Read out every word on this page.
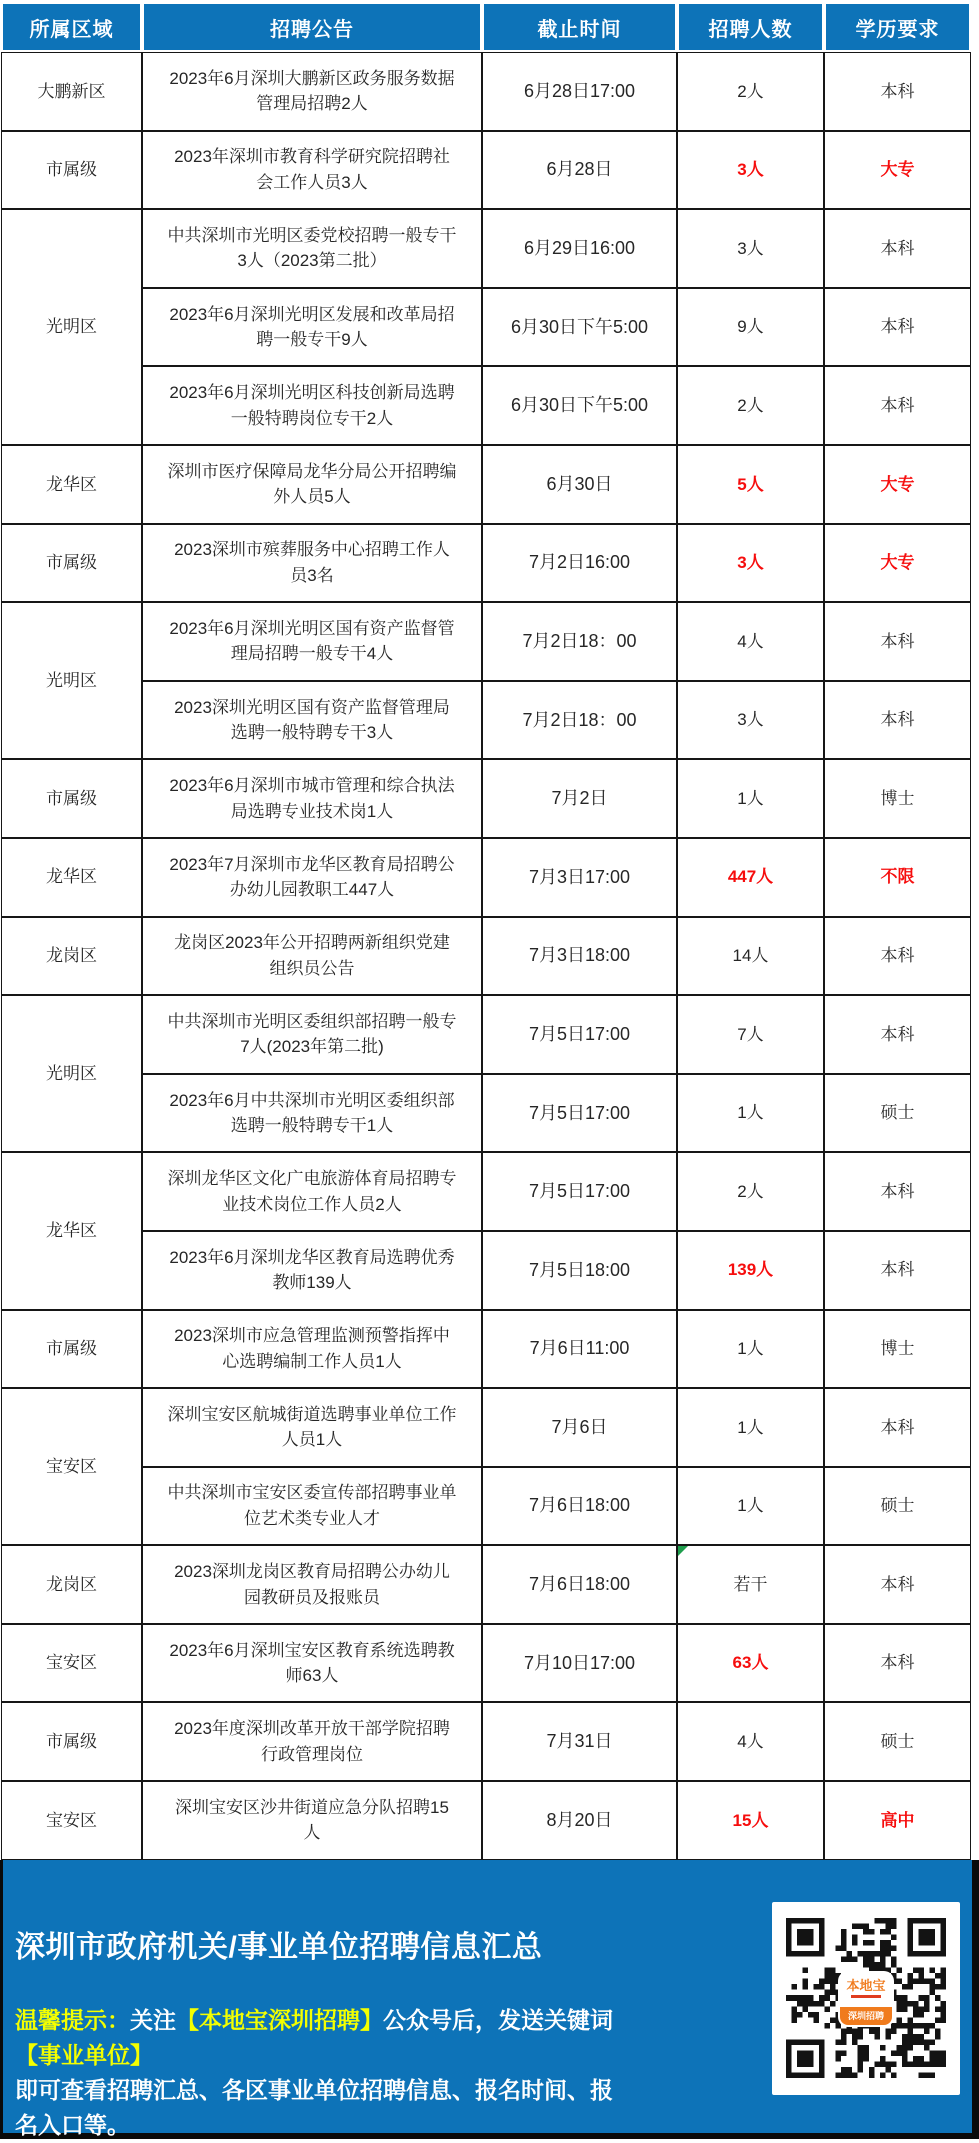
所属区域	招聘公告	截止时间	招聘人数	学历要求
大鹏新区	2023年6月深圳大鹏新区政务服务数据管理局招聘2人	6月28日17:00	2人	本科
市属级	2023年深圳市教育科学研究院招聘社会工作人员3人	6月28日	3人	大专
光明区	中共深圳市光明区委党校招聘一般专干3人（2023第二批）	6月29日16:00	3人	本科
	2023年6月深圳光明区发展和改革局招聘一般专干9人	6月30日下午5:00	9人	本科
	2023年6月深圳光明区科技创新局选聘一般特聘岗位专干2人	6月30日下午5:00	2人	本科
龙华区	深圳市医疗保障局龙华分局公开招聘编外人员5人	6月30日	5人	大专
市属级	2023深圳市殡葬服务中心招聘工作人员3名	7月2日16:00	3人	大专
光明区	2023年6月深圳光明区国有资产监督管理局招聘一般专干4人	7月2日18：00	4人	本科
	2023深圳光明区国有资产监督管理局选聘一般特聘专干3人	7月2日18：00	3人	本科
市属级	2023年6月深圳市城市管理和综合执法局选聘专业技术岗1人	7月2日	1人	博士
龙华区	2023年7月深圳市龙华区教育局招聘公办幼儿园教职工447人	7月3日17:00	447人	不限
龙岗区	龙岗区2023年公开招聘两新组织党建组织员公告	7月3日18:00	14人	本科
光明区	中共深圳市光明区委组织部招聘一般专7人(2023年第二批)	7月5日17:00	7人	本科
	2023年6月中共深圳市光明区委组织部选聘一般特聘专干1人	7月5日17:00	1人	硕士
龙华区	深圳龙华区文化广电旅游体育局招聘专业技术岗位工作人员2人	7月5日17:00	2人	本科
	2023年6月深圳龙华区教育局选聘优秀教师139人	7月5日18:00	139人	本科
市属级	2023深圳市应急管理监测预警指挥中心选聘编制工作人员1人	7月6日11:00	1人	博士
宝安区	深圳宝安区航城街道选聘事业单位工作人员1人	7月6日	1人	本科
	中共深圳市宝安区委宣传部招聘事业单位艺术类专业人才	7月6日18:00	1人	硕士
龙岗区	2023深圳龙岗区教育局招聘公办幼儿园教研员及报账员	7月6日18:00	若干	本科
宝安区	2023年6月深圳宝安区教育系统选聘教师63人	7月10日17:00	63人	本科
市属级	2023年度深圳改革开放干部学院招聘行政管理岗位	7月31日	4人	硕士
宝安区	深圳宝安区沙井街道应急分队招聘15人	8月20日	15人	高中
深圳市政府机关/事业单位招聘信息汇总
温馨提示：关注【本地宝深圳招聘】公众号后，发送关键词【事业单位】
即可查看招聘汇总、各区事业单位招聘信息、报名时间、报名入口等。
本地宝
深圳招聘
